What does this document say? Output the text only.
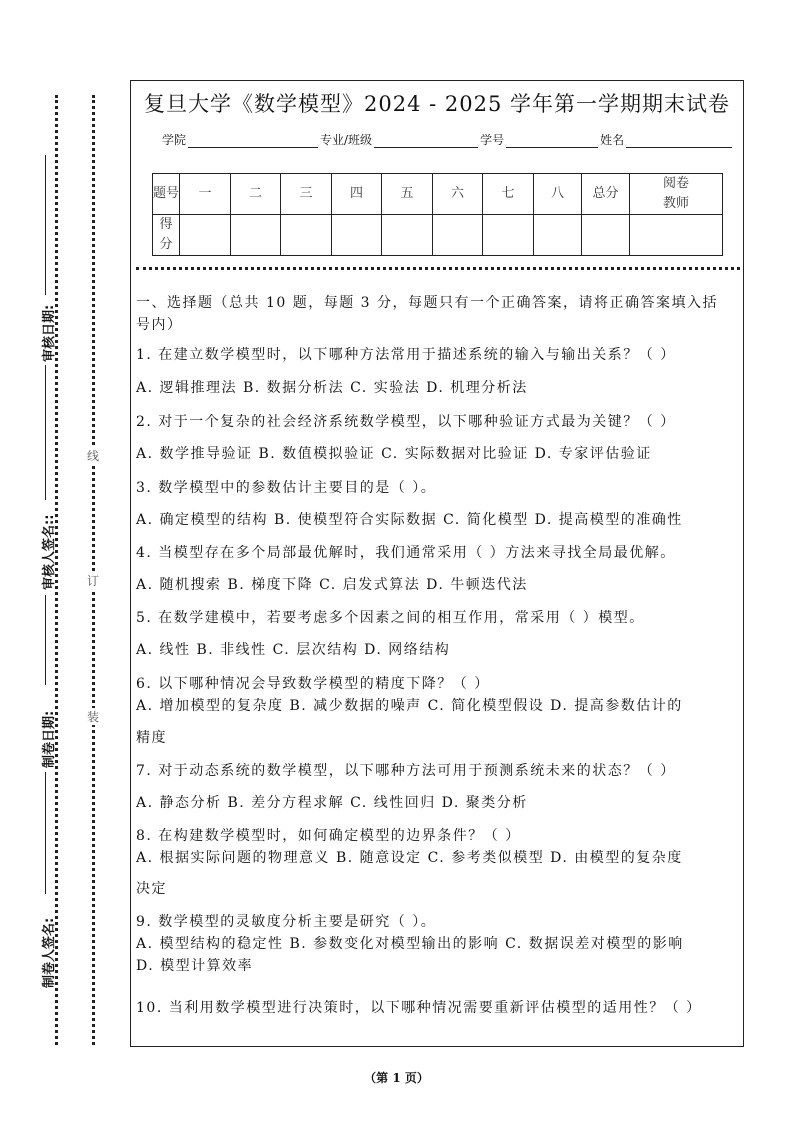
审核日期:
审核人签名::
制卷日期:
制卷人签名:
线
订
装
复旦大学《数学模型》2024 - 2025 学年第一学期期末试卷
学院	专业/班级	学号	姓名
题号	一	二	三	四	五	六	七	八	总分	阅卷教师
得分										
一、选择题（总共 10 题，每题 3 分，每题只有一个正确答案，请将正确答案填入括
号内）
1. 在建立数学模型时，以下哪种方法常用于描述系统的输入与输出关系？（ ）
A. 逻辑推理法 B. 数据分析法 C. 实验法 D. 机理分析法
2. 对于一个复杂的社会经济系统数学模型，以下哪种验证方式最为关键？（ ）
A. 数学推导验证 B. 数值模拟验证 C. 实际数据对比验证 D. 专家评估验证
3. 数学模型中的参数估计主要目的是（ ）。
A. 确定模型的结构 B. 使模型符合实际数据 C. 简化模型 D. 提高模型的准确性
4. 当模型存在多个局部最优解时，我们通常采用（ ）方法来寻找全局最优解。
A. 随机搜索 B. 梯度下降 C. 启发式算法 D. 牛顿迭代法
5. 在数学建模中，若要考虑多个因素之间的相互作用，常采用（ ）模型。
A. 线性 B. 非线性 C. 层次结构 D. 网络结构
6. 以下哪种情况会导致数学模型的精度下降？（ ）
A. 增加模型的复杂度 B. 减少数据的噪声 C. 简化模型假设 D. 提高参数估计的
精度
7. 对于动态系统的数学模型，以下哪种方法可用于预测系统未来的状态？（ ）
A. 静态分析 B. 差分方程求解 C. 线性回归 D. 聚类分析
8. 在构建数学模型时，如何确定模型的边界条件？（ ）
A. 根据实际问题的物理意义 B. 随意设定 C. 参考类似模型 D. 由模型的复杂度
决定
9. 数学模型的灵敏度分析主要是研究（ ）。
A. 模型结构的稳定性 B. 参数变化对模型输出的影响 C. 数据误差对模型的影响
D. 模型计算效率
10. 当利用数学模型进行决策时，以下哪种情况需要重新评估模型的适用性？（ ）
（第 1 页）
